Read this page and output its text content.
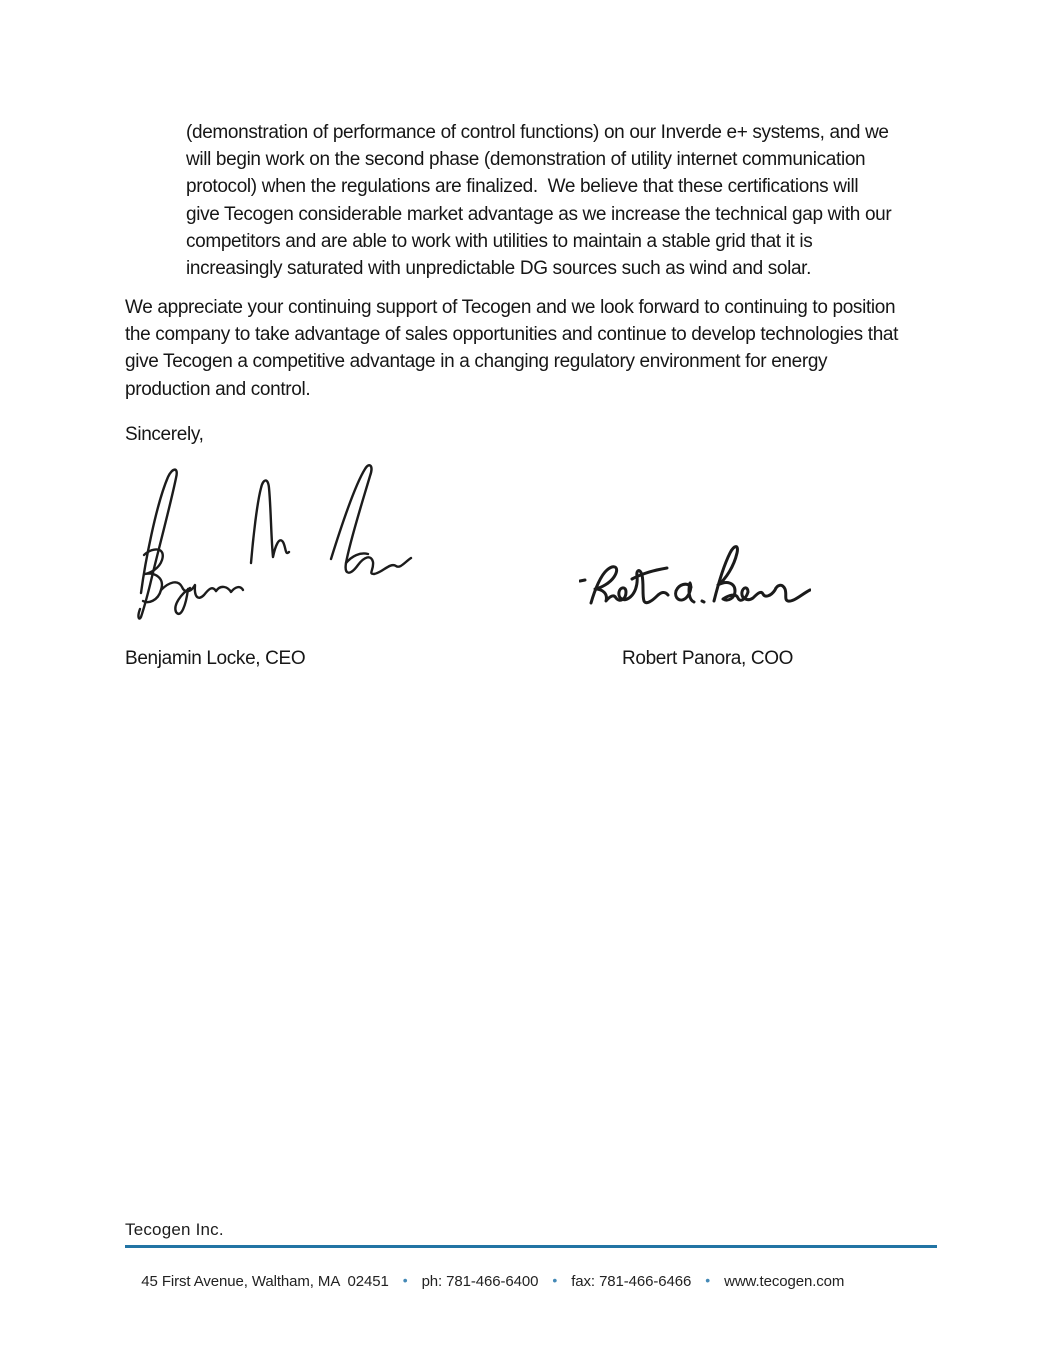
(demonstration of performance of control functions) on our Inverde e+ systems, and we
will begin work on the second phase (demonstration of utility internet communication
protocol) when the regulations are finalized.  We believe that these certifications will
give Tecogen considerable market advantage as we increase the technical gap with our
competitors and are able to work with utilities to maintain a stable grid that it is
increasingly saturated with unpredictable DG sources such as wind and solar.
We appreciate your continuing support of Tecogen and we look forward to continuing to position
the company to take advantage of sales opportunities and continue to develop technologies that
give Tecogen a competitive advantage in a changing regulatory environment for energy
production and control.
Sincerely,
Benjamin Locke, CEO	Robert Panora, COO
Tecogen Inc.

45 First Avenue, Waltham, MA  02451 • ph: 781-466-6400 • fax: 781-466-6466 • www.tecogen.com
